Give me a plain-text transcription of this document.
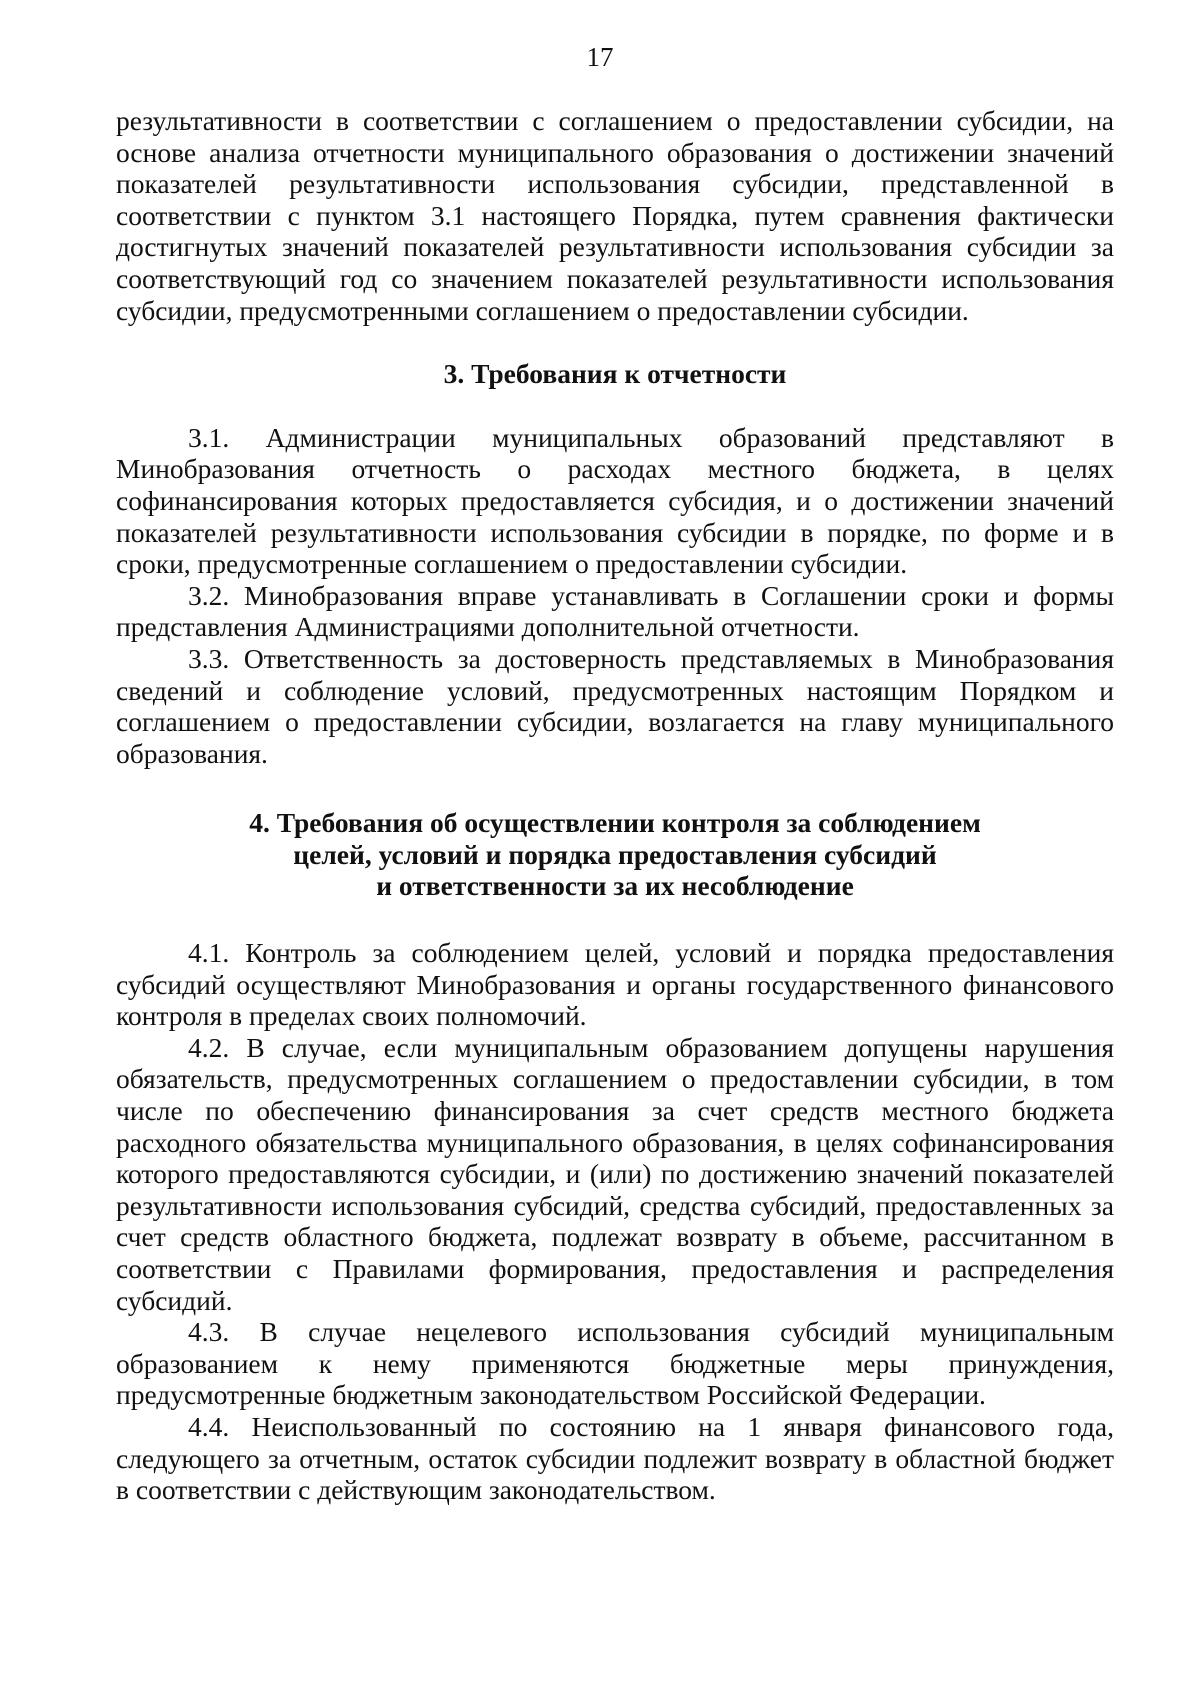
17

результативности в соответствии с соглашением о предоставлении субсидии, на основе анализа отчетности муниципального образования о достижении значений показателей результативности использования субсидии, представленной в соответствии с пунктом 3.1 настоящего Порядка, путем сравнения фактически достигнутых значений показателей результативности использования субсидии за соответствующий год со значением показателей результативности использования субсидии, предусмотренными соглашением о предоставлении субсидии.

3. Требования к отчетности

3.1. Администрации муниципальных образований представляют в Минобразования отчетность о расходах местного бюджета, в целях софинансирования которых предоставляется субсидия, и о достижении значений показателей результативности использования субсидии в порядке, по форме и в сроки, предусмотренные соглашением о предоставлении субсидии.

3.2. Минобразования вправе устанавливать в Соглашении сроки и формы представления Администрациями дополнительной отчетности.

3.3. Ответственность за достоверность представляемых в Минобразования сведений и соблюдение условий, предусмотренных настоящим Порядком и соглашением о предоставлении субсидии, возлагается на главу муниципального образования.

4. Требования об осуществлении контроля за соблюдением
целей, условий и порядка предоставления субсидий
и ответственности за их несоблюдение

4.1. Контроль за соблюдением целей, условий и порядка предоставления субсидий осуществляют Минобразования и органы государственного финансового контроля в пределах своих полномочий.

4.2. В случае, если муниципальным образованием допущены нарушения обязательств, предусмотренных соглашением о предоставлении субсидии, в том числе по обеспечению финансирования за счет средств местного бюджета расходного обязательства муниципального образования, в целях софинансирования которого предоставляются субсидии, и (или) по достижению значений показателей результативности использования субсидий, средства субсидий, предоставленных за счет средств областного бюджета, подлежат возврату в объеме, рассчитанном в соответствии с Правилами формирования, предоставления и распределения субсидий.

4.3. В случае нецелевого использования субсидий муниципальным образованием к нему применяются бюджетные меры принуждения, предусмотренные бюджетным законодательством Российской Федерации.

4.4. Неиспользованный по состоянию на 1 января финансового года, следующего за отчетным, остаток субсидии подлежит возврату в областной бюджет в соответствии с действующим законодательством.
